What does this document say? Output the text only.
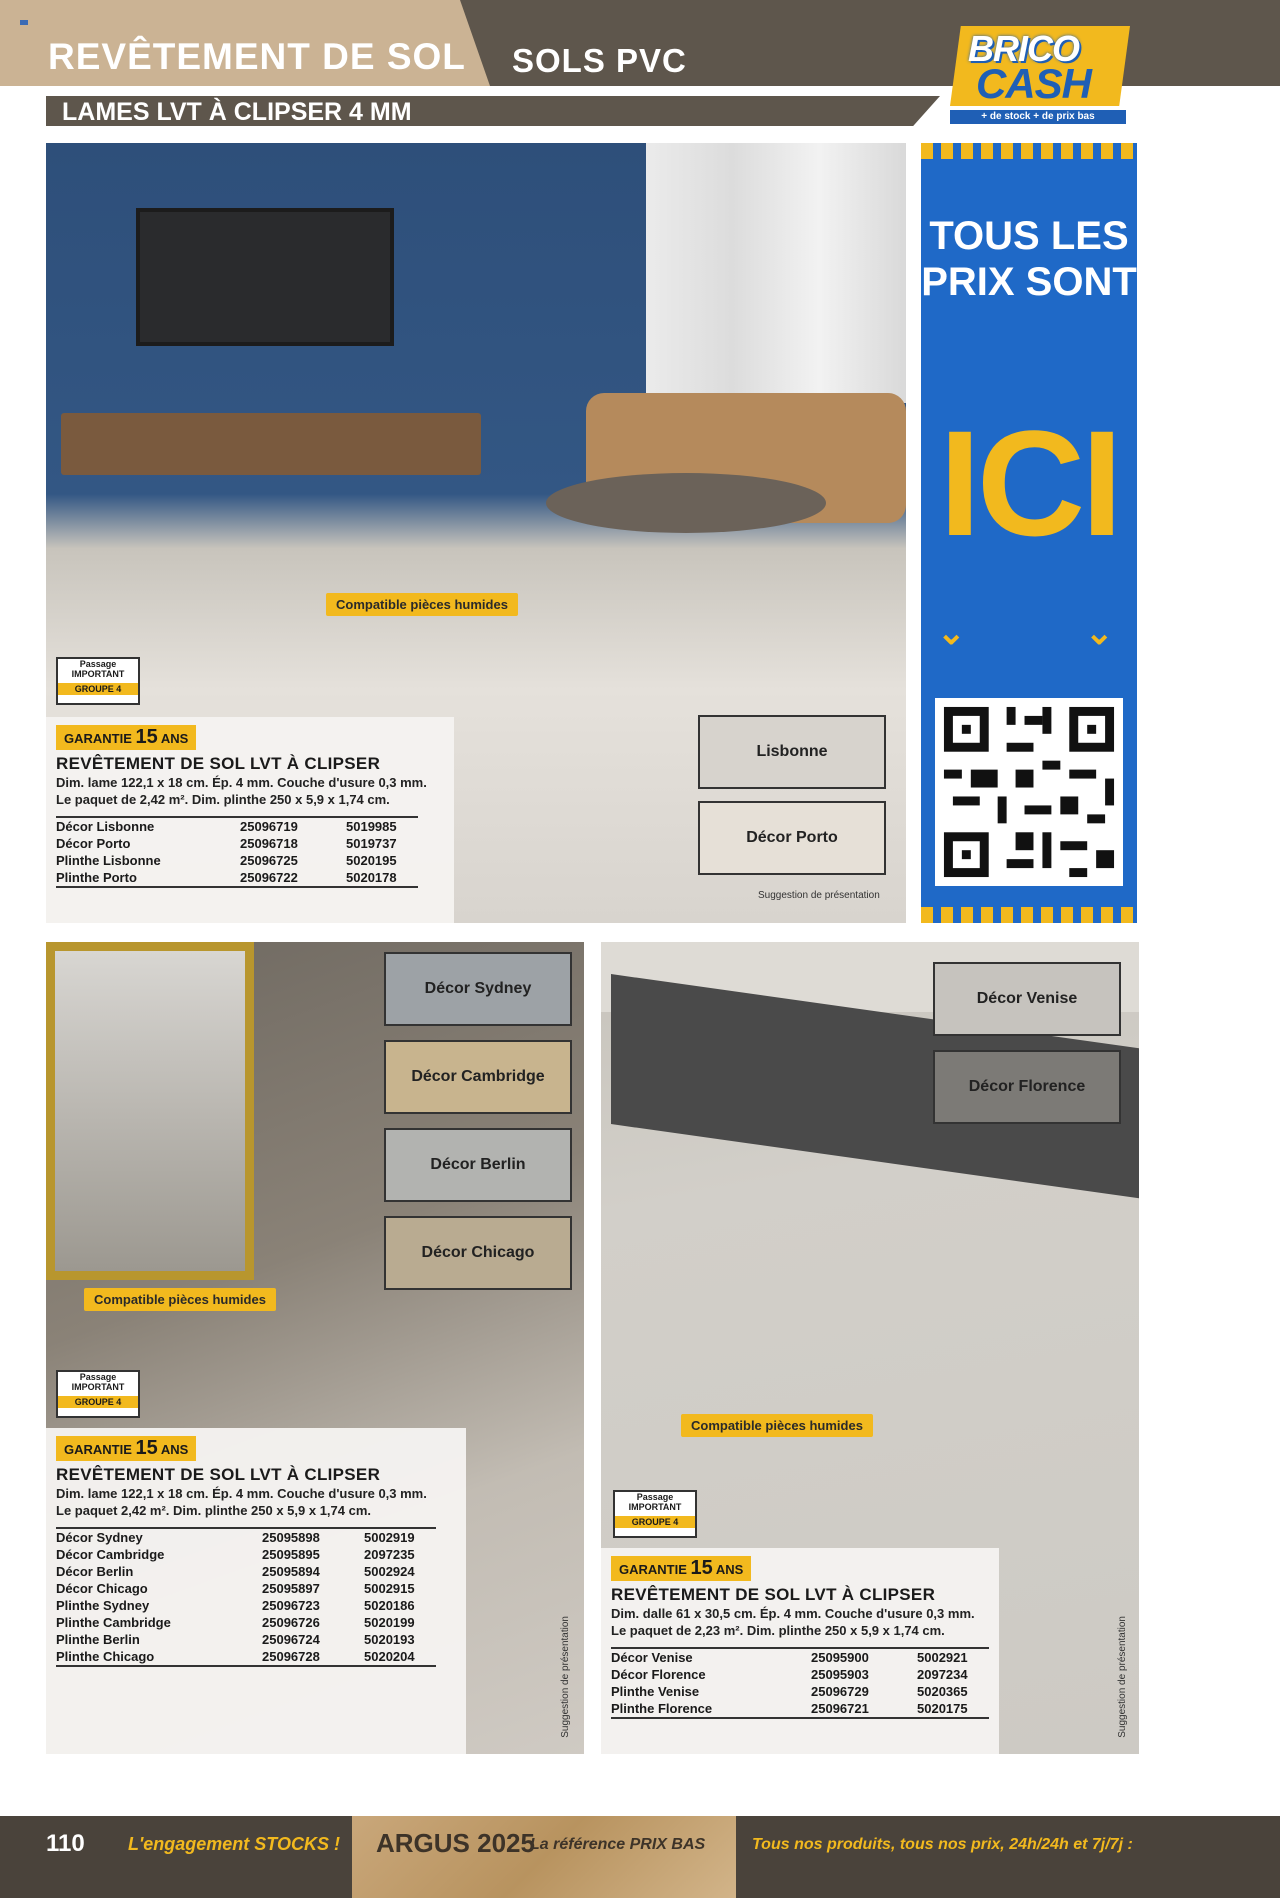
REVÊTEMENT DE SOL SOLS PVC
LAMES LVT À CLIPSER 4 MM
BRICO
CASH
+ de stock + de prix bas
Compatible pièces humides
Passage
IMPORTANT
GROUPE 4
GARANTIE 15 ANS
REVÊTEMENT DE SOL LVT À CLIPSER
Dim. lame 122,1 x 18 cm. Ép. 4 mm. Couche d'usure 0,3 mm.
Le paquet de 2,42 m². Dim. plinthe 250 x 5,9 x 1,74 cm.
Décor Lisbonne	25096719	5019985
Décor Porto	25096718	5019737
Plinthe Lisbonne	25096725	5020195
Plinthe Porto	25096722	5020178
Lisbonne
Décor Porto
Suggestion de présentation
TOUS LES
PRIX SONT
ICI
⌄	⌄
Compatible pièces humides
Passage
IMPORTANT
GROUPE 4
GARANTIE 15 ANS
REVÊTEMENT DE SOL LVT À CLIPSER
Dim. lame 122,1 x 18 cm. Ép. 4 mm. Couche d'usure 0,3 mm.
Le paquet 2,42 m². Dim. plinthe 250 x 5,9 x 1,74 cm.
Décor Sydney	25095898	5002919
Décor Cambridge	25095895	2097235
Décor Berlin	25095894	5002924
Décor Chicago	25095897	5002915
Plinthe Sydney	25096723	5020186
Plinthe Cambridge	25096726	5020199
Plinthe Berlin	25096724	5020193
Plinthe Chicago	25096728	5020204
Décor Sydney
Décor Cambridge
Décor Berlin
Décor Chicago
Suggestion de présentation
Compatible pièces humides
Passage
IMPORTANT
GROUPE 4
GARANTIE 15 ANS
REVÊTEMENT DE SOL LVT À CLIPSER
Dim. dalle 61 x 30,5 cm. Ép. 4 mm. Couche d'usure 0,3 mm.
Le paquet de 2,23 m². Dim. plinthe 250 x 5,9 x 1,74 cm.
Décor Venise	25095900	5002921
Décor Florence	25095903	2097234
Plinthe Venise	25096729	5020365
Plinthe Florence	25096721	5020175
Décor Venise
Décor Florence
Suggestion de présentation
110 L'engagement STOCKS ! ARGUS 2025
La référence PRIX BAS	Tous nos produits, tous nos prix, 24h/24h et 7j/7j :
